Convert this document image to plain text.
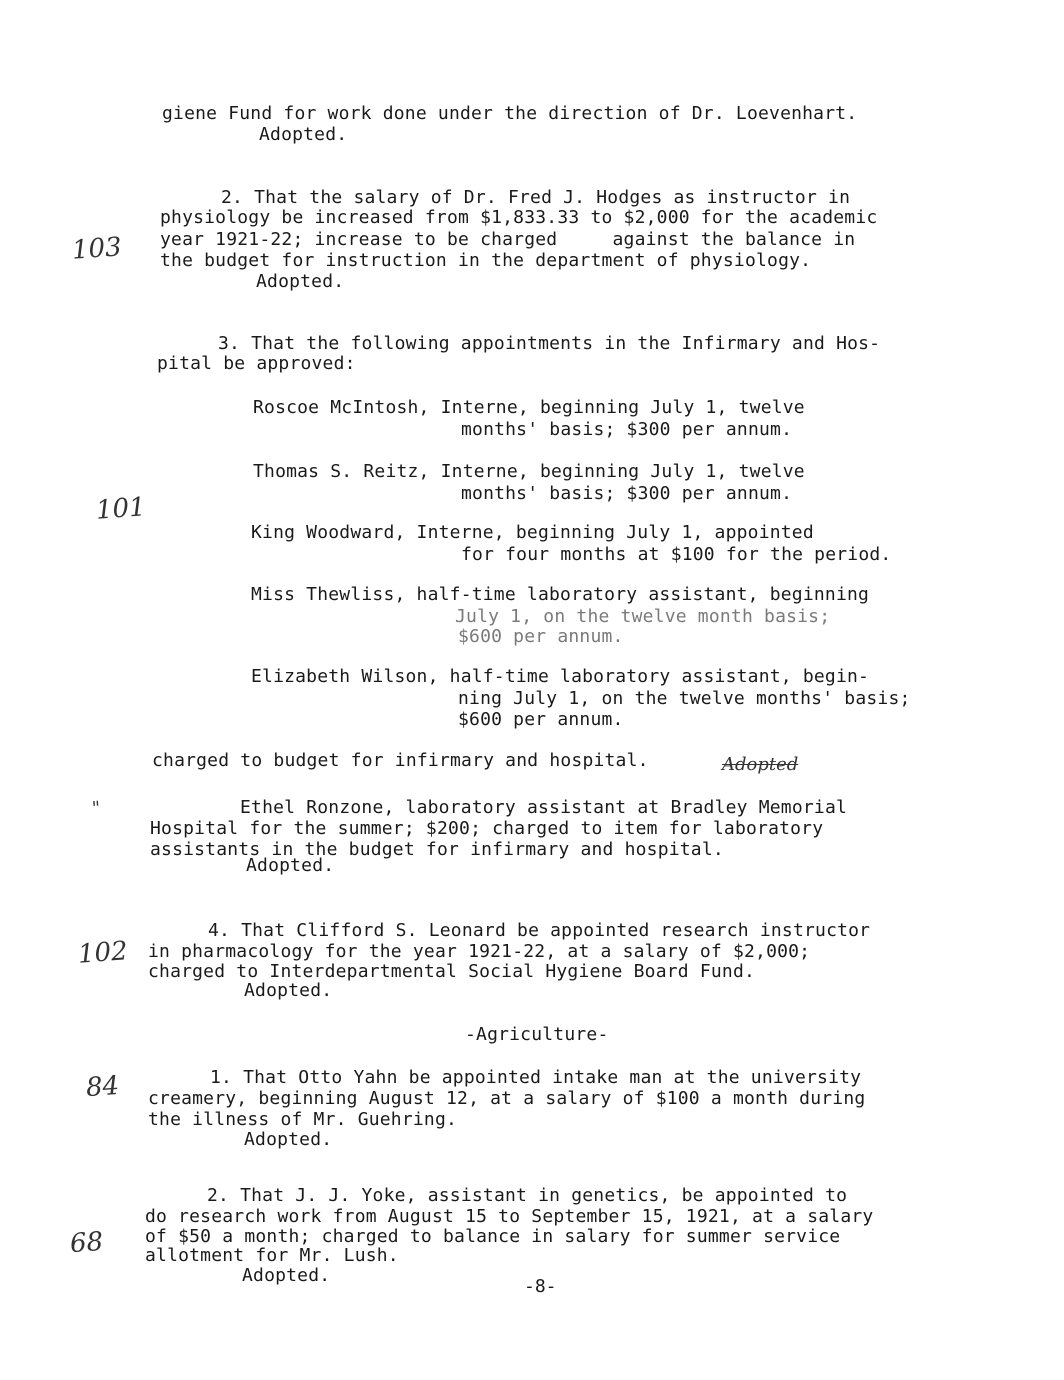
giene Fund for work done under the direction of Dr. Loevenhart.
Adopted.
2. That the salary of Dr. Fred J. Hodges as instructor in
physiology be increased from $1,833.33 to $2,000 for the academic
year 1921-22; increase to be charged     against the balance in
the budget for instruction in the department of physiology.
Adopted.
103
3. That the following appointments in the Infirmary and Hos-
pital be approved:
Roscoe McIntosh, Interne, beginning July 1, twelve
months' basis; $300 per annum.
Thomas S. Reitz, Interne, beginning July 1, twelve
months' basis; $300 per annum.
101
King Woodward, Interne, beginning July 1, appointed
for four months at $100 for the period.
Miss Thewliss, half-time laboratory assistant, beginning
July 1, on the twelve month basis;
$600 per annum.
Elizabeth Wilson, half-time laboratory assistant, begin-
ning July 1, on the twelve months' basis;
$600 per annum.
charged to budget for infirmary and hospital.	Adopted
"	Ethel Ronzone, laboratory assistant at Bradley Memorial
Hospital for the summer; $200; charged to item for laboratory
assistants in the budget for infirmary and hospital.
Adopted.
4. That Clifford S. Leonard be appointed research instructor
102 in pharmacology for the year 1921-22, at a salary of $2,000;
charged to Interdepartmental Social Hygiene Board Fund.
Adopted.
-Agriculture-
1. That Otto Yahn be appointed intake man at the university
84 creamery, beginning August 12, at a salary of $100 a month during
the illness of Mr. Guehring.
Adopted.
2. That J. J. Yoke, assistant in genetics, be appointed to
do research work from August 15 to September 15, 1921, at a salary
68 of $50 a month; charged to balance in salary for summer service
allotment for Mr. Lush.
Adopted.
-8-
